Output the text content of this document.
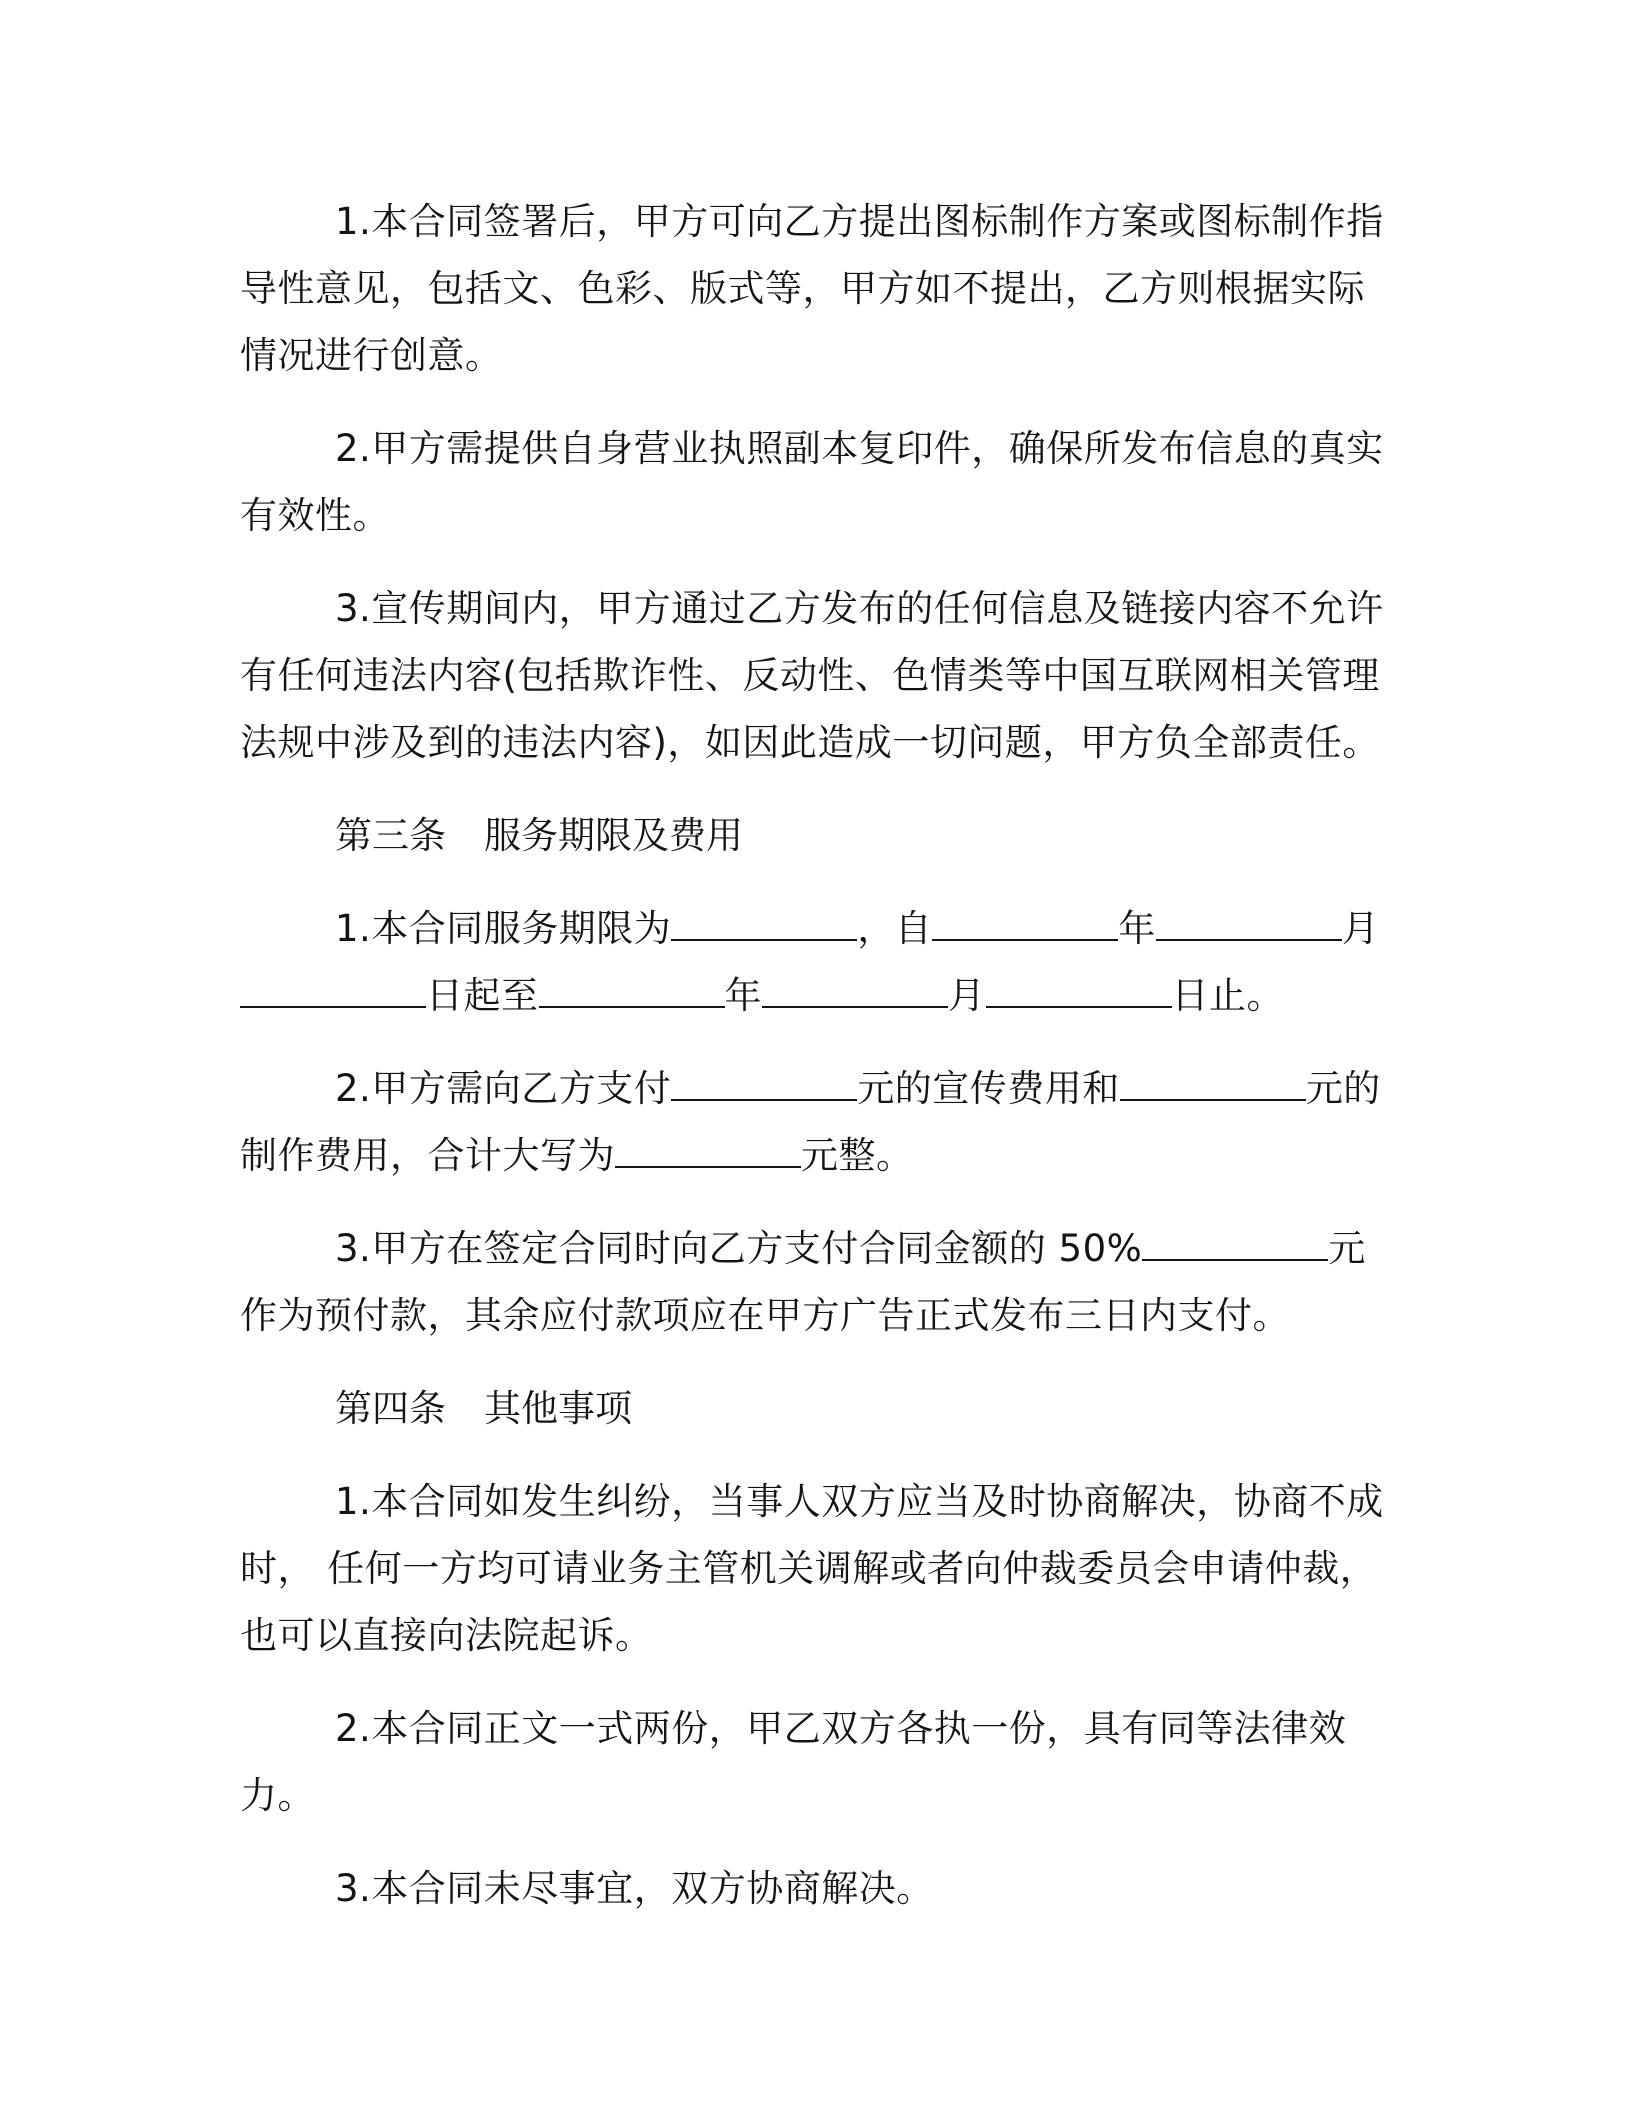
1.本合同签署后，甲方可向乙方提出图标制作方案或图标制作指导性意见，包括文、色彩、版式等，甲方如不提出，乙方则根据实际情况进行创意。

2.甲方需提供自身营业执照副本复印件，确保所发布信息的真实有效性。

3.宣传期间内，甲方通过乙方发布的任何信息及链接内容不允许有任何违法内容(包括欺诈性、反动性、色情类等中国互联网相关管理法规中涉及到的违法内容)，如因此造成一切问题，甲方负全部责任。

第三条 服务期限及费用

1.本合同服务期限为	，自	年	月日起至	年	月	日止。

2.甲方需向乙方支付	元的宣传费用和	元的制作费用，合计大写为	元整。

3.甲方在签定合同时向乙方支付合同金额的 50%	元作为预付款，其余应付款项应在甲方广告正式发布三日内支付。

第四条 其他事项

1.本合同如发生纠纷，当事人双方应当及时协商解决，协商不成时， 任何一方均可请业务主管机关调解或者向仲裁委员会申请仲裁，也可以直接向法院起诉。

2.本合同正文一式两份，甲乙双方各执一份，具有同等法律效力。

3.本合同未尽事宜，双方协商解决。
